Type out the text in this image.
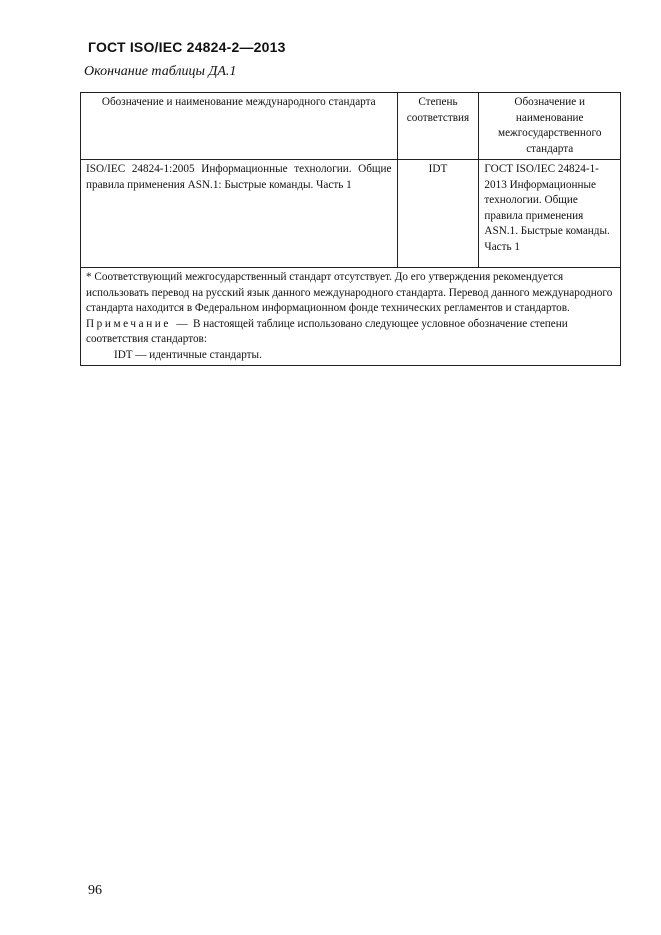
ГОСТ ISO/IEC 24824-2—2013
Окончание таблицы ДА.1
Обозначение и наименование международного стандарта	Степень соответствия	Обозначение и наименование межгосударственного стандарта
ISO/IEC 24824-1:2005 Информационные технологии. Общие правила применения ASN.1: Быстрые команды. Часть 1	IDT	ГОСТ ISO/IEC 24824-1-2013 Информационные технологии. Общие правила применения ASN.1. Быстрые команды. Часть 1

* Соответствующий межгосударственный стандарт отсутствует. До его утверждения рекомендуется использовать перевод на русский язык данного международного стандарта. Перевод данного международного стандарта находится в Федеральном информационном фонде технических регламентов и стандартов.
Примечание — В настоящей таблице использовано следующее условное обозначение степени соответствия стандартов:
IDT — идентичные стандарты.		
96
